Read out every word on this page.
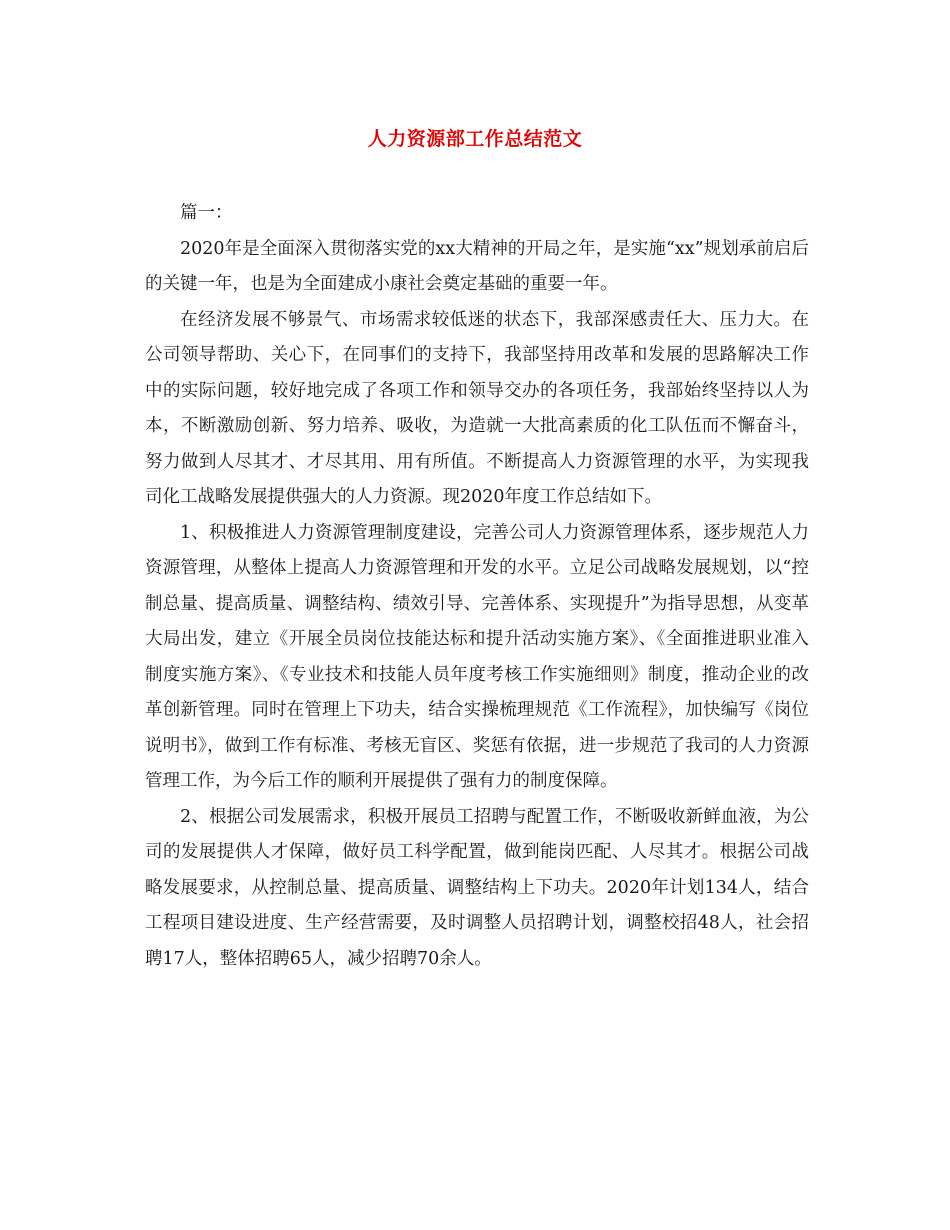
人力资源部工作总结范文

篇一：

2020年是全面深入贯彻落实党的xx大精神的开局之年，是实施“xx”规划承前启后的关键一年，也是为全面建成小康社会奠定基础的重要一年。

在经济发展不够景气、市场需求较低迷的状态下，我部深感责任大、压力大。在公司领导帮助、关心下，在同事们的支持下，我部坚持用改革和发展的思路解决工作中的实际问题，较好地完成了各项工作和领导交办的各项任务，我部始终坚持以人为本，不断激励创新、努力培养、吸收，为造就一大批高素质的化工队伍而不懈奋斗，努力做到人尽其才、才尽其用、用有所值。不断提高人力资源管理的水平，为实现我司化工战略发展提供强大的人力资源。现2020年度工作总结如下。

1、积极推进人力资源管理制度建设，完善公司人力资源管理体系，逐步规范人力资源管理，从整体上提高人力资源管理和开发的水平。立足公司战略发展规划，以“控制总量、提高质量、调整结构、绩效引导、完善体系、实现提升”为指导思想，从变革大局出发，建立《开展全员岗位技能达标和提升活动实施方案》、《全面推进职业准入制度实施方案》、《专业技术和技能人员年度考核工作实施细则》制度，推动企业的改革创新管理。同时在管理上下功夫，结合实操梳理规范《工作流程》，加快编写《岗位说明书》，做到工作有标准、考核无盲区、奖惩有依据，进一步规范了我司的人力资源管理工作，为今后工作的顺利开展提供了强有力的制度保障。

2、根据公司发展需求，积极开展员工招聘与配置工作，不断吸收新鲜血液，为公司的发展提供人才保障，做好员工科学配置，做到能岗匹配、人尽其才。根据公司战略发展要求，从控制总量、提高质量、调整结构上下功夫。2020年计划134人，结合工程项目建设进度、生产经营需要，及时调整人员招聘计划，调整校招48人，社会招聘17人，整体招聘65人，减少招聘70余人。
